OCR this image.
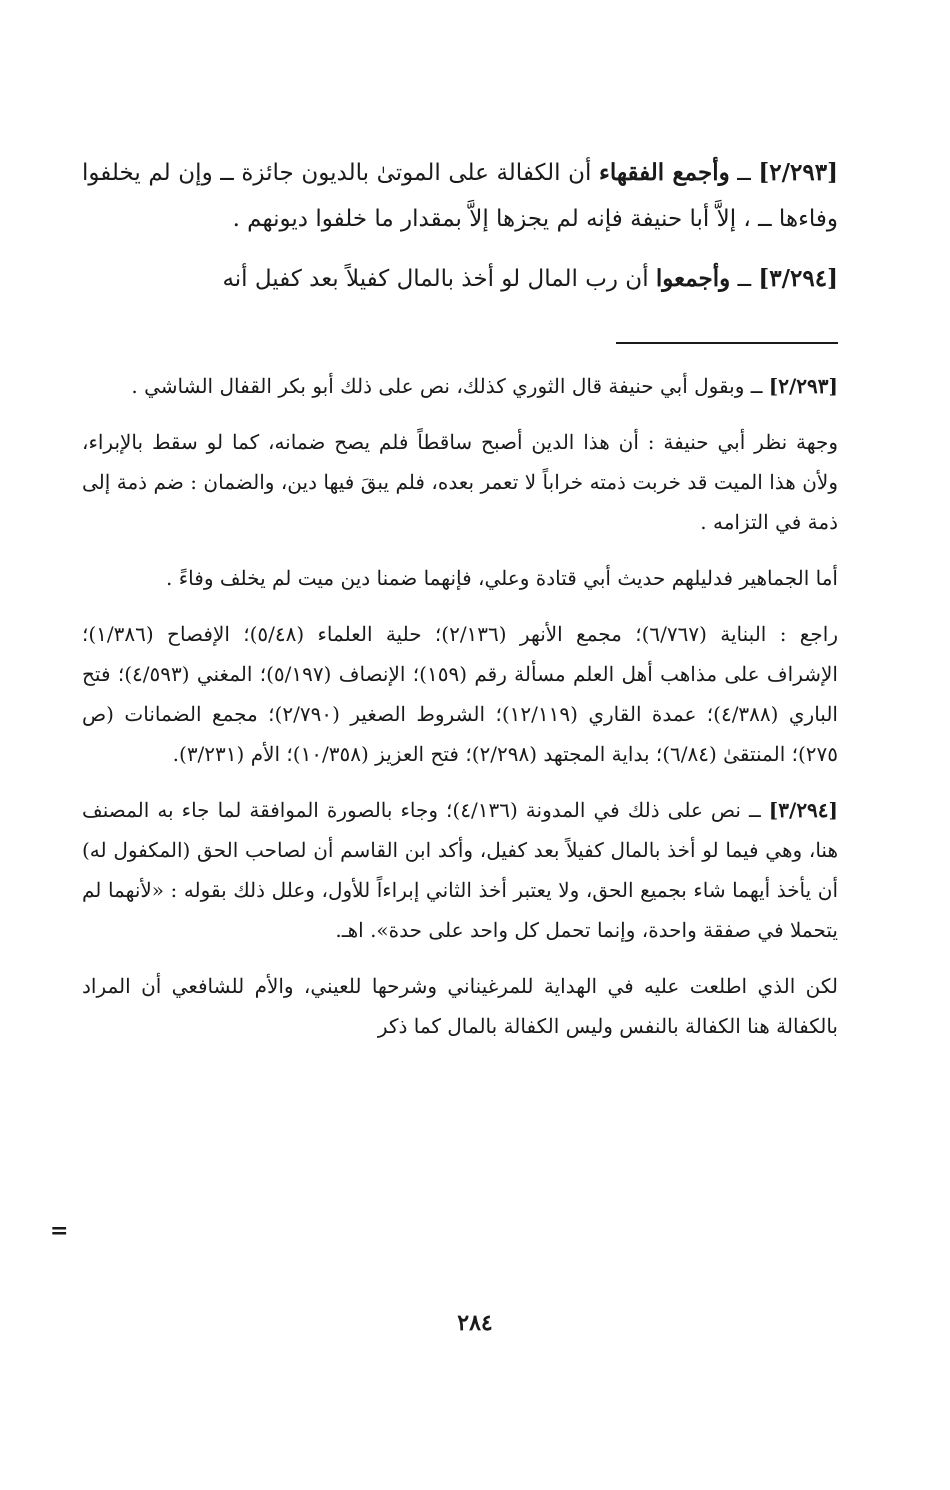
[٢/٢٩٣] ــ وأجمع الفقهاء أن الكفالة على الموتىٰ بالديون جائزة ــ وإن لم يخلفوا وفاءها ــ ، إلاَّ أبا حنيفة فإنه لم يجزها إلاَّ بمقدار ما خلفوا ديونهم .

[٣/٢٩٤] ــ وأجمعوا أن رب المال لو أخذ بالمال كفيلاً بعد كفيل أنه

[٢/٢٩٣] ــ وبقول أبي حنيفة قال الثوري كذلك، نص على ذلك أبو بكر القفال الشاشي .

وجهة نظر أبي حنيفة : أن هذا الدين أصبح ساقطاً فلم يصح ضمانه، كما لو سقط بالإبراء، ولأن هذا الميت قد خربت ذمته خراباً لا تعمر بعده، فلم يبقَ فيها دين، والضمان : ضم ذمة إلى ذمة في التزامه .

أما الجماهير فدليلهم حديث أبي قتادة وعلي، فإنهما ضمنا دين ميت لم يخلف وفاءً .

راجع : البناية (٦/٧٦٧)؛ مجمع الأنهر (٢/١٣٦)؛ حلية العلماء (٥/٤٨)؛ الإفصاح (١/٣٨٦)؛ الإشراف على مذاهب أهل العلم مسألة رقم (١٥٩)؛ الإنصاف (٥/١٩٧)؛ المغني (٤/٥٩٣)؛ فتح الباري (٤/٣٨٨)؛ عمدة القاري (١٢/١١٩)؛ الشروط الصغير (٢/٧٩٠)؛ مجمع الضمانات (ص ٢٧٥)؛ المنتقىٰ (٦/٨٤)؛ بداية المجتهد (٢/٢٩٨)؛ فتح العزيز (١٠/٣٥٨)؛ الأم (٣/٢٣١).

[٣/٢٩٤] ــ نص على ذلك في المدونة (٤/١٣٦)؛ وجاء بالصورة الموافقة لما جاء به المصنف هنا، وهي فيما لو أخذ بالمال كفيلاً بعد كفيل، وأكد ابن القاسم أن لصاحب الحق (المكفول له) أن يأخذ أيهما شاء بجميع الحق، ولا يعتبر أخذ الثاني إبراءاً للأول، وعلل ذلك بقوله : «لأنهما لم يتحملا في صفقة واحدة، وإنما تحمل كل واحد على حدة». اهـ.

لكن الذي اطلعت عليه في الهداية للمرغيناني وشرحها للعيني، والأم للشافعي أن المراد بالكفالة هنا الكفالة بالنفس وليس الكفالة بالمال كما ذكر

=
٢٨٤
